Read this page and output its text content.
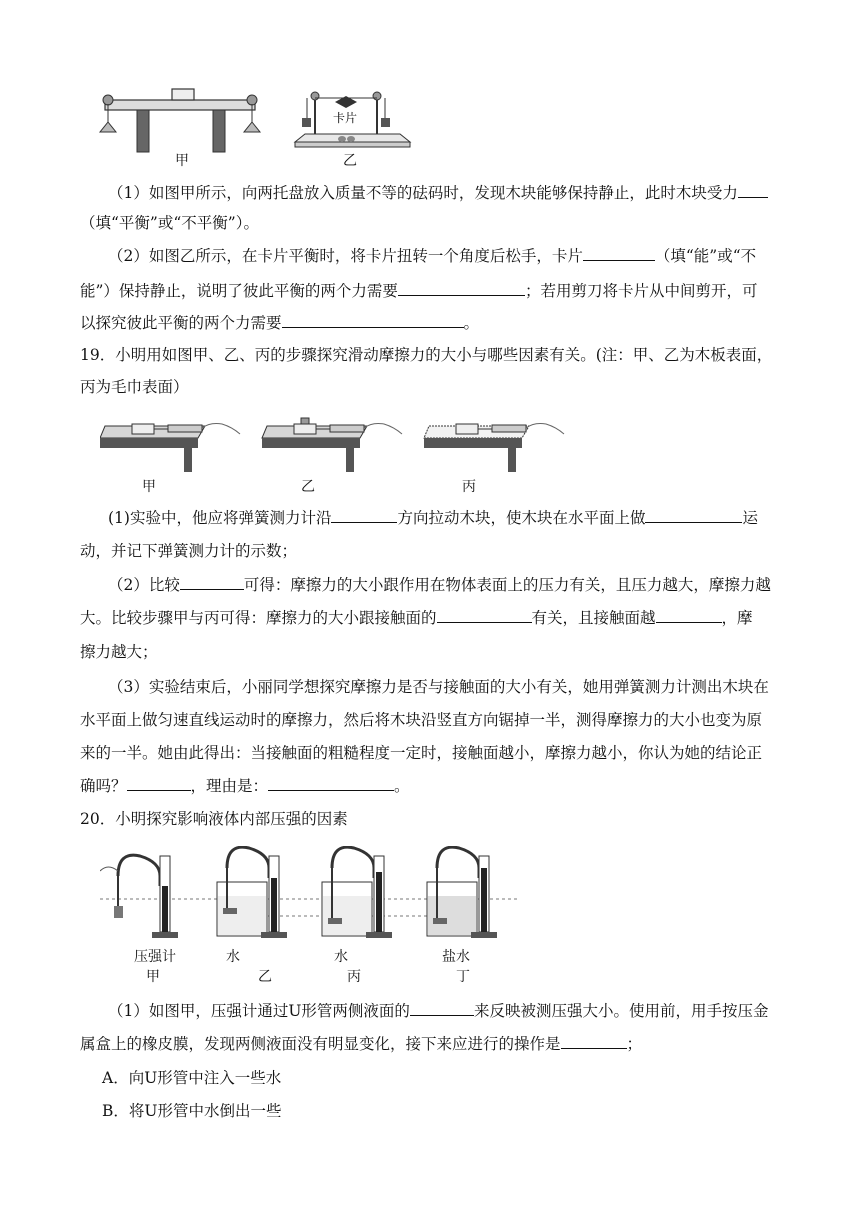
卡片
甲	乙
（1）如图甲所示，向两托盘放入质量不等的砝码时，发现木块能够保持静止，此时木块受力
（填“平衡”或“不平衡”）。
（2）如图乙所示，在卡片平衡时，将卡片扭转一个角度后松手，卡片	（填“能”或“不
能”）保持静止，说明了彼此平衡的两个力需要	；若用剪刀将卡片从中间剪开，可
以探究彼此平衡的两个力需要	。
19．小明用如图甲、乙、丙的步骤探究滑动摩擦力的大小与哪些因素有关。(注：甲、乙为木板表面，
丙为毛巾表面）
甲	乙	丙
(1)实验中，他应将弹簧测力计沿	方向拉动木块，使木块在水平面上做	运
动，并记下弹簧测力计的示数；
（2）比较	可得：摩擦力的大小跟作用在物体表面上的压力有关，且压力越大，摩擦力越
大。比较步骤甲与丙可得：摩擦力的大小跟接触面的	有关，且接触面越	，摩
擦力越大；
（3）实验结束后，小丽同学想探究摩擦力是否与接触面的大小有关，她用弹簧测力计测出木块在
水平面上做匀速直线运动时的摩擦力，然后将木块沿竖直方向锯掉一半，测得摩擦力的大小也变为原
来的一半。她由此得出：当接触面的粗糙程度一定时，接触面越小，摩擦力越小，你认为她的结论正
确吗？	，理由是：	。
20．小明探究影响液体内部压强的因素
压强计
甲
水
乙
水
丙
盐水
丁
（1）如图甲，压强计通过U形管两侧液面的	来反映被测压强大小。使用前，用手按压金
属盒上的橡皮膜，发现两侧液面没有明显变化，接下来应进行的操作是	；
A．向U形管中注入一些水
B．将U形管中水倒出一些
